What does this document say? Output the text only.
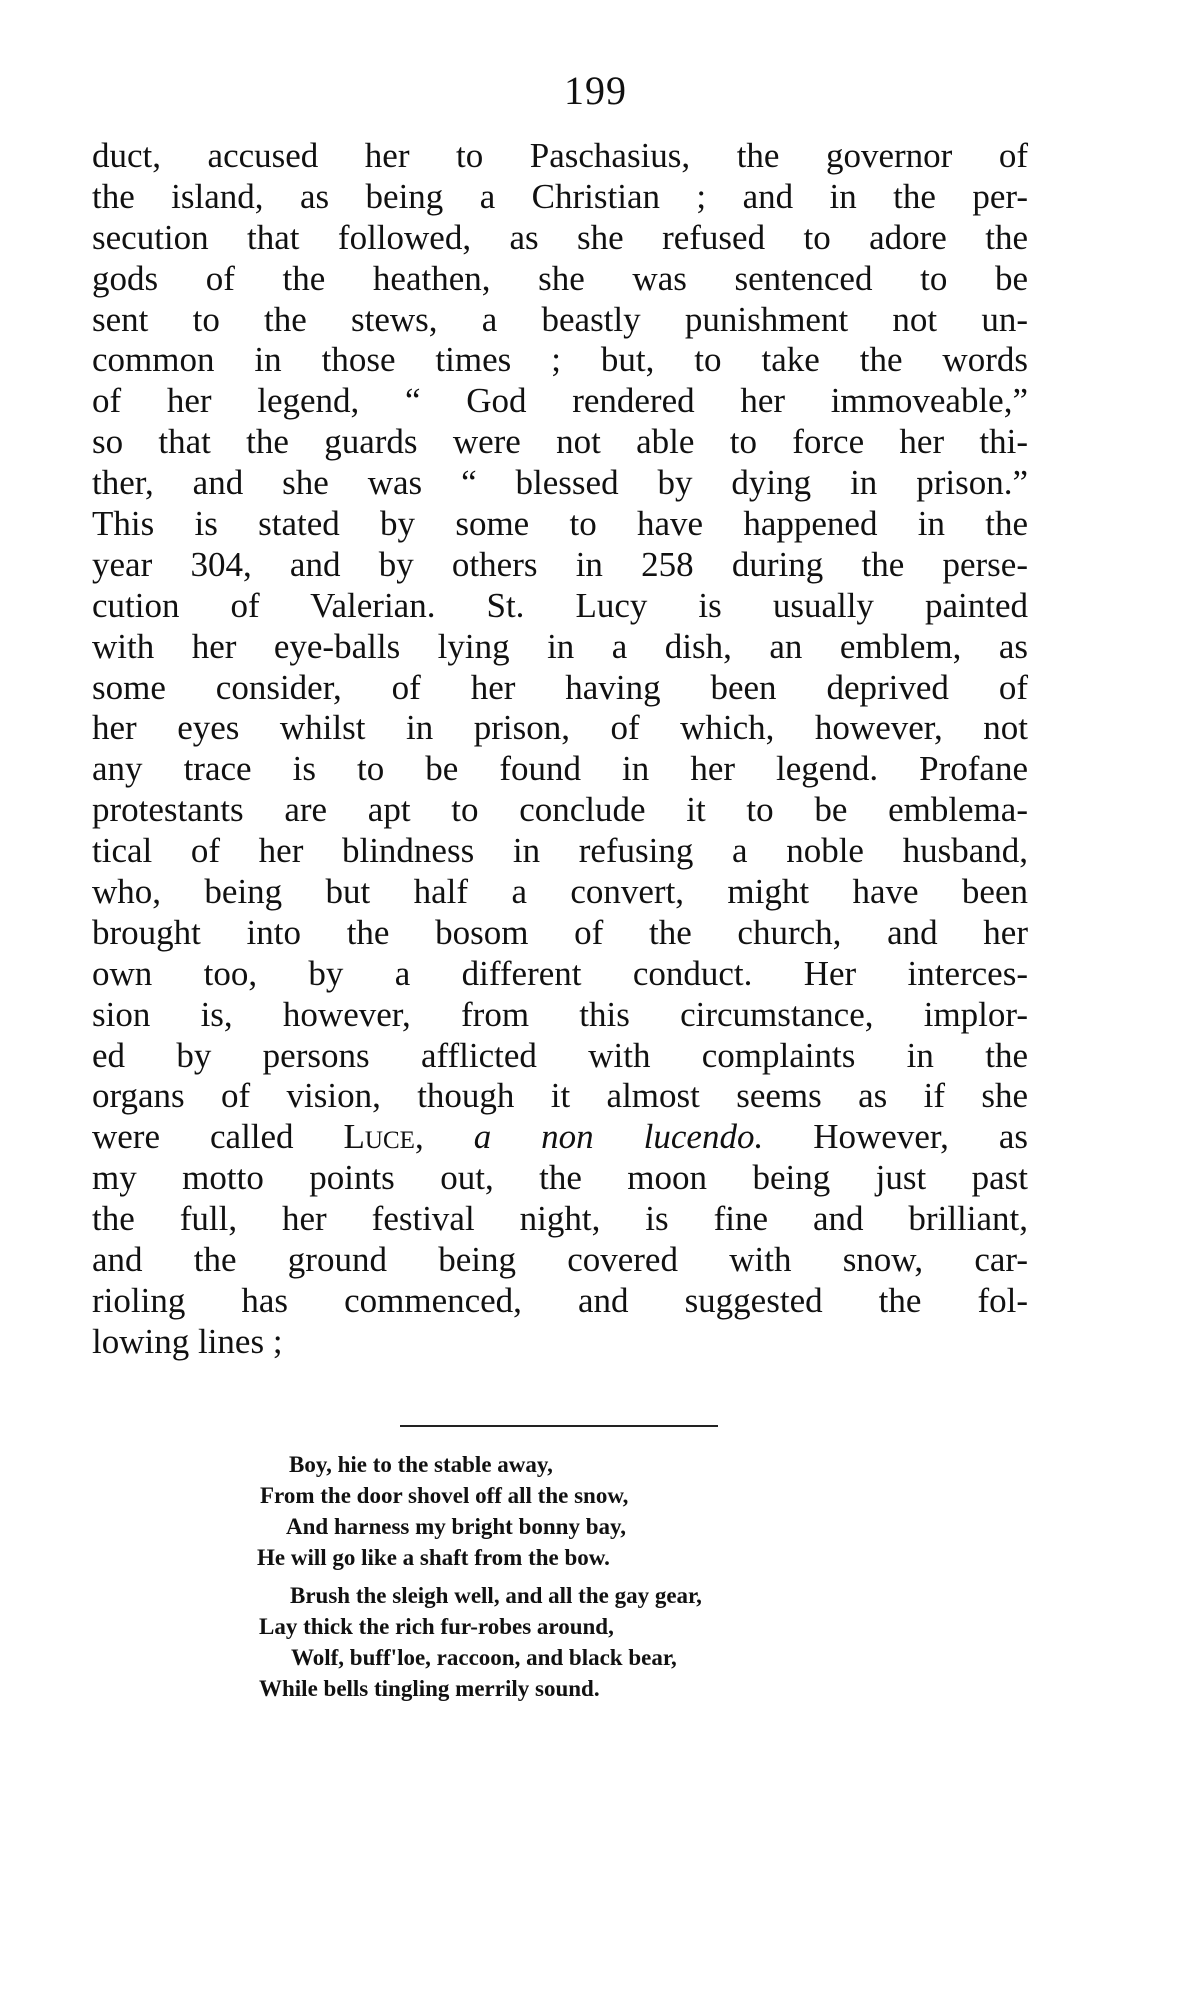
199
duct, accused her to Paschasius, the governor of
the island, as being a Christian ; and in the per-
secution that followed, as she refused to adore the
gods of the heathen, she was sentenced to be
sent to the stews, a beastly punishment not un-
common in those times ; but, to take the words
of her legend, “ God rendered her immoveable,”
so that the guards were not able to force her thi-
ther, and she was “ blessed by dying in prison.”
This is stated by some to have happened in the
year 304, and by others in 258 during the perse-
cution of Valerian. St. Lucy is usually painted
with her eye-balls lying in a dish, an emblem, as
some consider, of her having been deprived of
her eyes whilst in prison, of which, however, not
any trace is to be found in her legend. Profane
protestants are apt to conclude it to be emblema-
tical of her blindness in refusing a noble husband,
who, being but half a convert, might have been
brought into the bosom of the church, and her
own too, by a different conduct. Her interces-
sion is, however, from this circumstance, implor-
ed by persons afflicted with complaints in the
organs of vision, though it almost seems as if she
were called Luce, a non lucendo. However, as
my motto points out, the moon being just past
the full, her festival night, is fine and brilliant,
and the ground being covered with snow, car-
rioling has commenced, and suggested the fol-
lowing lines ;
Boy, hie to the stable away,
From the door shovel off all the snow,
And harness my bright bonny bay,
He will go like a shaft from the bow.
Brush the sleigh well, and all the gay gear,
Lay thick the rich fur-robes around,
Wolf, buff'loe, raccoon, and black bear,
While bells tingling merrily sound.
